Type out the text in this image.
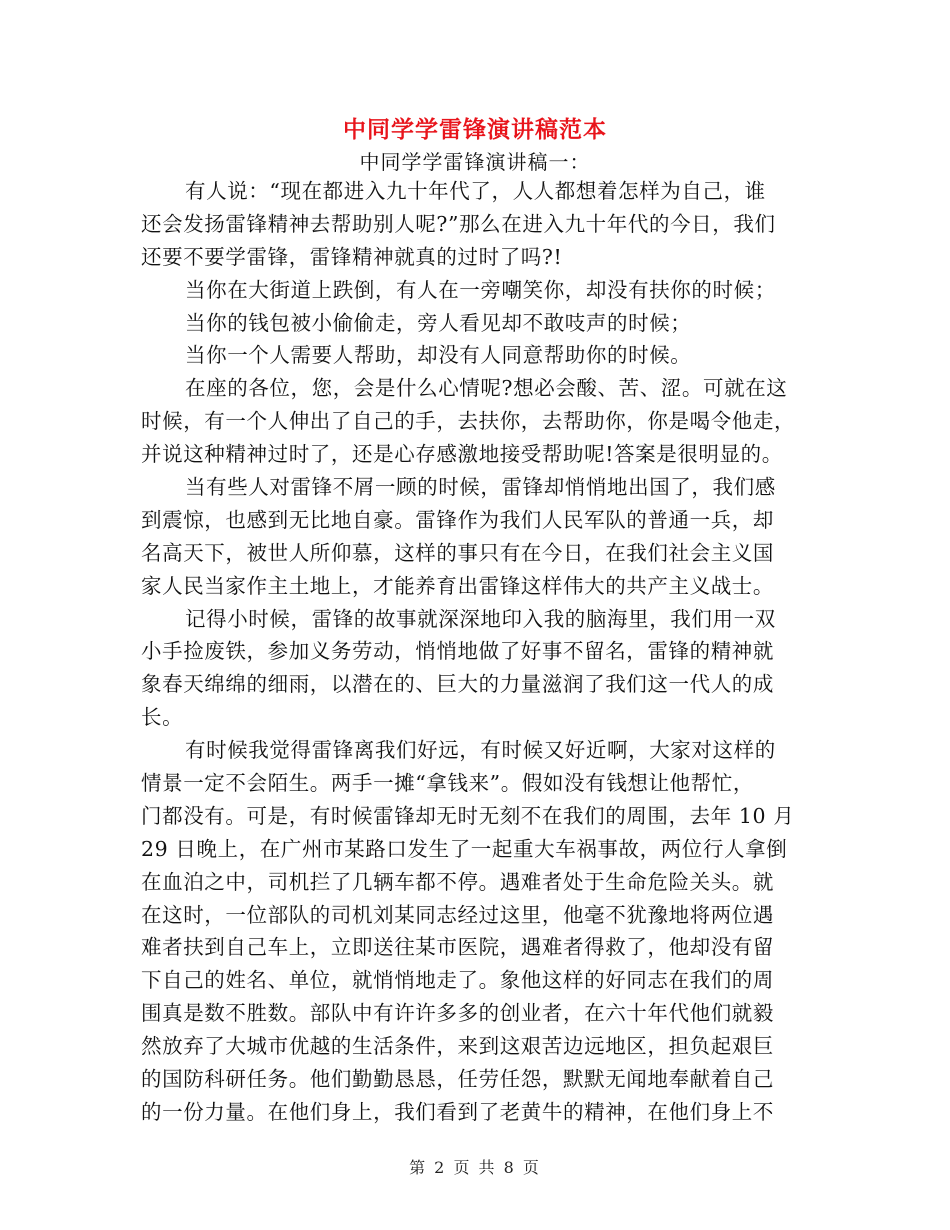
中同学学雷锋演讲稿范本
中同学学雷锋演讲稿一：
有人说：“现在都进入九十年代了，人人都想着怎样为自己，谁
还会发扬雷锋精神去帮助别人呢?”那么在进入九十年代的今日，我们
还要不要学雷锋，雷锋精神就真的过时了吗?!
当你在大街道上跌倒，有人在一旁嘲笑你，却没有扶你的时候；
当你的钱包被小偷偷走，旁人看见却不敢吱声的时候；
当你一个人需要人帮助，却没有人同意帮助你的时候。
在座的各位，您，会是什么心情呢?想必会酸、苦、涩。可就在这
时候，有一个人伸出了自己的手，去扶你，去帮助你，你是喝令他走，
并说这种精神过时了，还是心存感激地接受帮助呢!答案是很明显的。
当有些人对雷锋不屑一顾的时候，雷锋却悄悄地出国了，我们感
到震惊，也感到无比地自豪。雷锋作为我们人民军队的普通一兵，却
名高天下，被世人所仰慕，这样的事只有在今日，在我们社会主义国
家人民当家作主土地上，才能养育出雷锋这样伟大的共产主义战士。
记得小时候，雷锋的故事就深深地印入我的脑海里，我们用一双
小手捡废铁，参加义务劳动，悄悄地做了好事不留名，雷锋的精神就
象春天绵绵的细雨，以潜在的、巨大的力量滋润了我们这一代人的成
长。
有时候我觉得雷锋离我们好远，有时候又好近啊，大家对这样的
情景一定不会陌生。两手一摊“拿钱来”。假如没有钱想让他帮忙，
门都没有。可是，有时候雷锋却无时无刻不在我们的周围，去年 10 月
29 日晚上，在广州市某路口发生了一起重大车祸事故，两位行人拿倒
在血泊之中，司机拦了几辆车都不停。遇难者处于生命危险关头。就
在这时，一位部队的司机刘某同志经过这里，他毫不犹豫地将两位遇
难者扶到自己车上，立即送往某市医院，遇难者得救了，他却没有留
下自己的姓名、单位，就悄悄地走了。象他这样的好同志在我们的周
围真是数不胜数。部队中有许许多多的创业者，在六十年代他们就毅
然放弃了大城市优越的生活条件，来到这艰苦边远地区，担负起艰巨
的国防科研任务。他们勤勤恳恳，任劳任怨，默默无闻地奉献着自己
的一份力量。在他们身上，我们看到了老黄牛的精神，在他们身上不
第 2 页 共 8 页
